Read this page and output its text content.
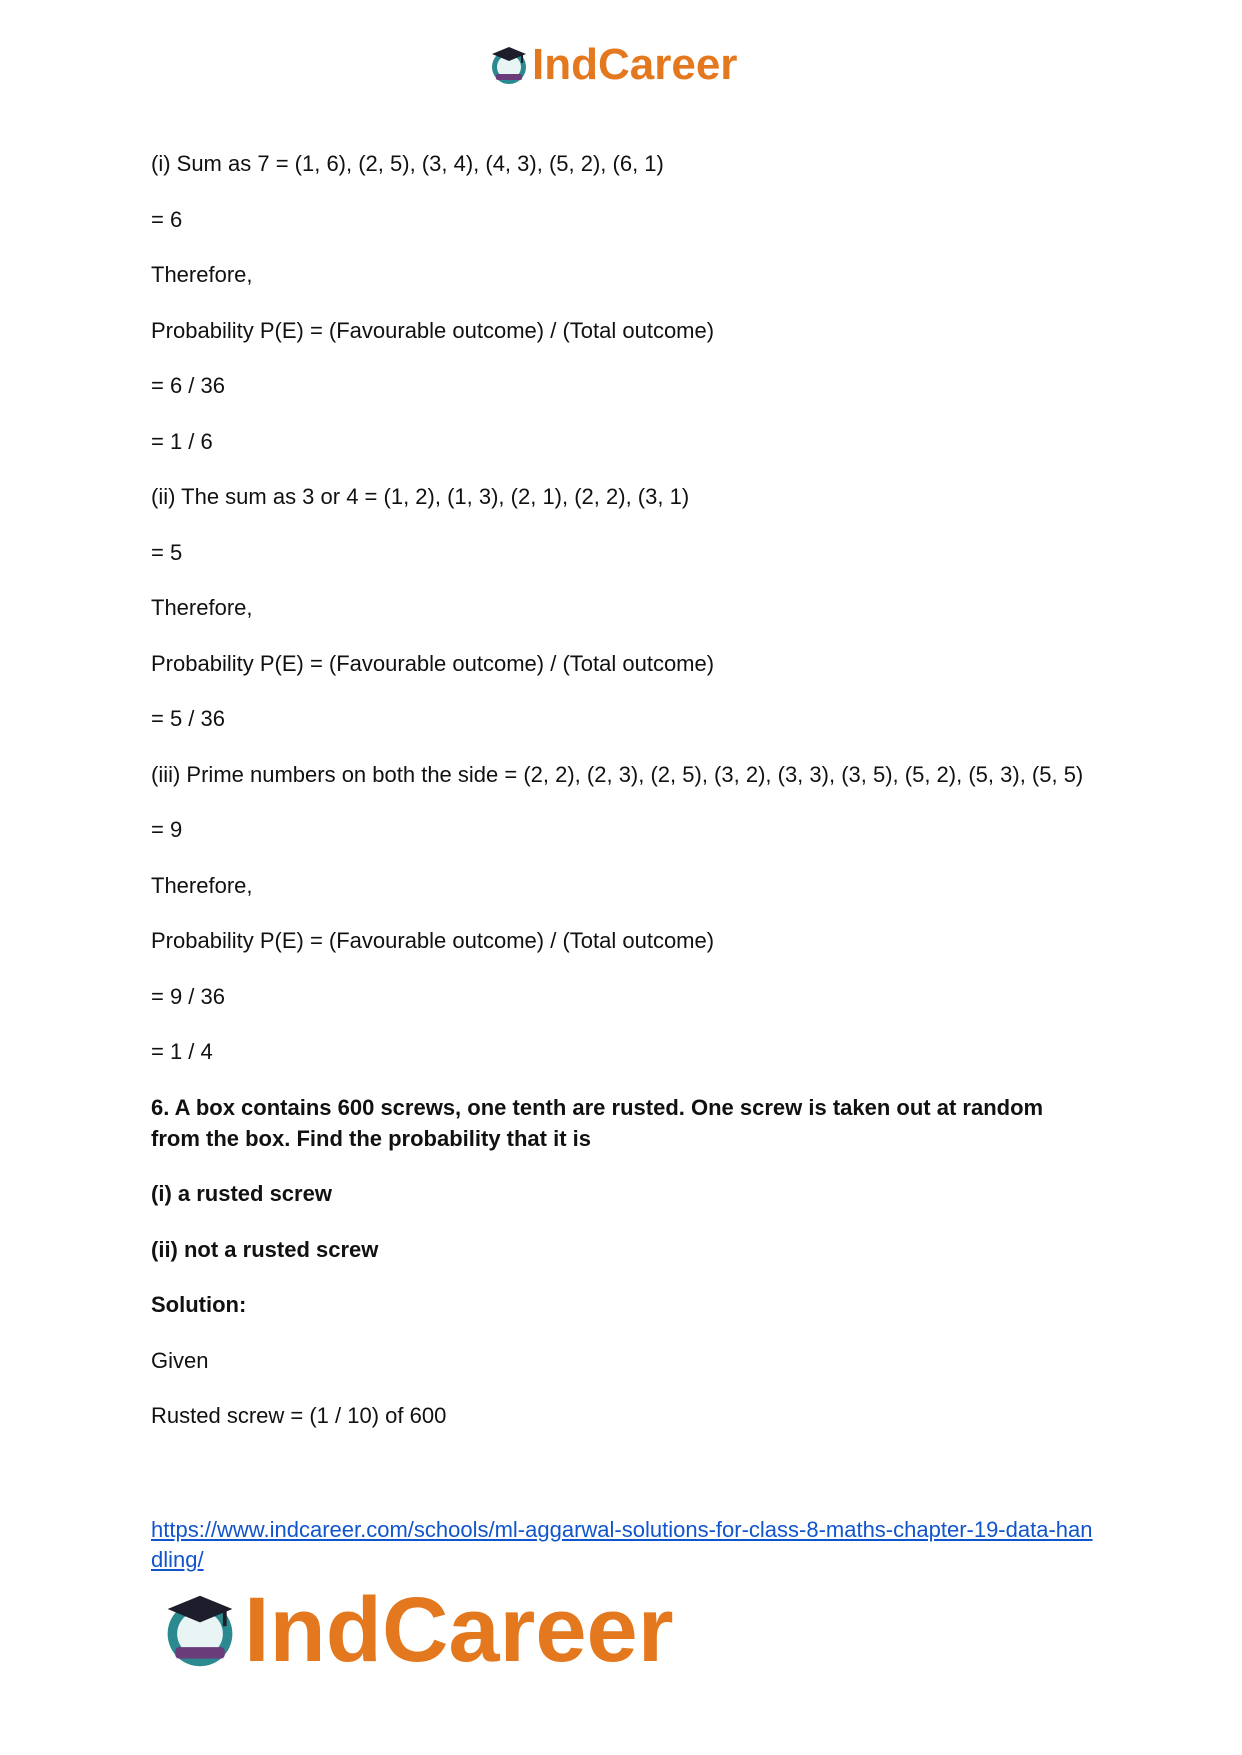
IndCareer

(i) Sum as 7 = (1, 6), (2, 5), (3, 4), (4, 3), (5, 2), (6, 1)

= 6

Therefore,

Probability P(E) = (Favourable outcome) / (Total outcome)

= 6 / 36

= 1 / 6

(ii) The sum as 3 or 4 = (1, 2), (1, 3), (2, 1), (2, 2), (3, 1)

= 5

Therefore,

Probability P(E) = (Favourable outcome) / (Total outcome)

= 5 / 36

(iii) Prime numbers on both the side = (2, 2), (2, 3), (2, 5), (3, 2), (3, 3), (3, 5), (5, 2), (5, 3), (5, 5)

= 9

Therefore,

Probability P(E) = (Favourable outcome) / (Total outcome)

= 9 / 36

= 1 / 4

6. A box contains 600 screws, one tenth are rusted. One screw is taken out at random from the box. Find the probability that it is

(i) a rusted screw

(ii) not a rusted screw

Solution:

Given

Rusted screw = (1 / 10) of 600

https://www.indcareer.com/schools/ml-aggarwal-solutions-for-class-8-maths-chapter-19-data-handling/
IndCareer
